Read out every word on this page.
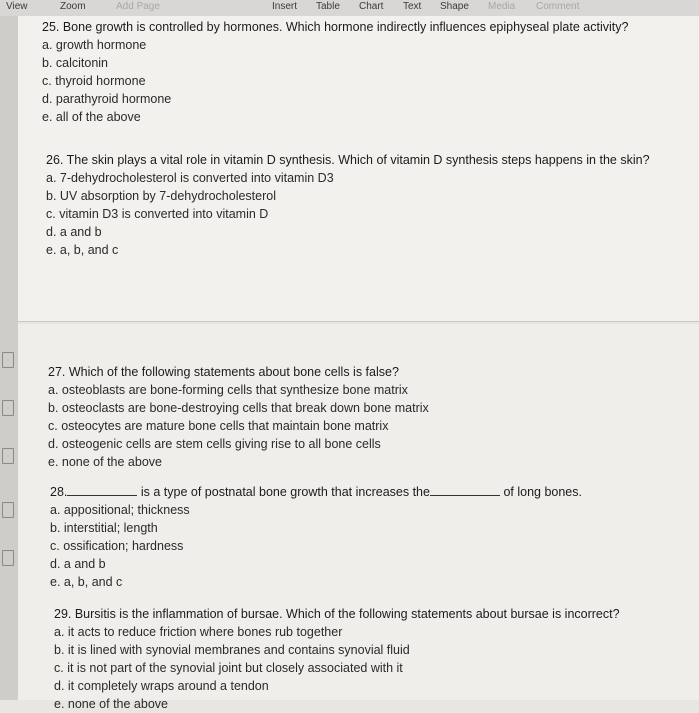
View	Zoom	Add Page	Insert Table Chart Text Shape Media Comment
25. Bone growth is controlled by hormones. Which hormone indirectly influences epiphyseal plate activity?
a. growth hormone
b. calcitonin
c. thyroid hormone
d. parathyroid hormone
e. all of the above
26. The skin plays a vital role in vitamin D synthesis. Which of vitamin D synthesis steps happens in the skin?
a. 7-dehydrocholesterol is converted into vitamin D3
b. UV absorption by 7-dehydrocholesterol
c. vitamin D3 is converted into vitamin D
d. a and b
e. a, b, and c
27. Which of the following statements about bone cells is false?
a. osteoblasts are bone-forming cells that synthesize bone matrix
b. osteoclasts are bone-destroying cells that break down bone matrix
c. osteocytes are mature bone cells that maintain bone matrix
d. osteogenic cells are stem cells giving rise to all bone cells
e. none of the above
28.	is a type of postnatal bone growth that increases the	of long bones.
a. appositional; thickness
b. interstitial; length
c. ossification; hardness
d. a and b
e. a, b, and c
29. Bursitis is the inflammation of bursae. Which of the following statements about bursae is incorrect?
a. it acts to reduce friction where bones rub together
b. it is lined with synovial membranes and contains synovial fluid
c. it is not part of the synovial joint but closely associated with it
d. it completely wraps around a tendon
e. none of the above
